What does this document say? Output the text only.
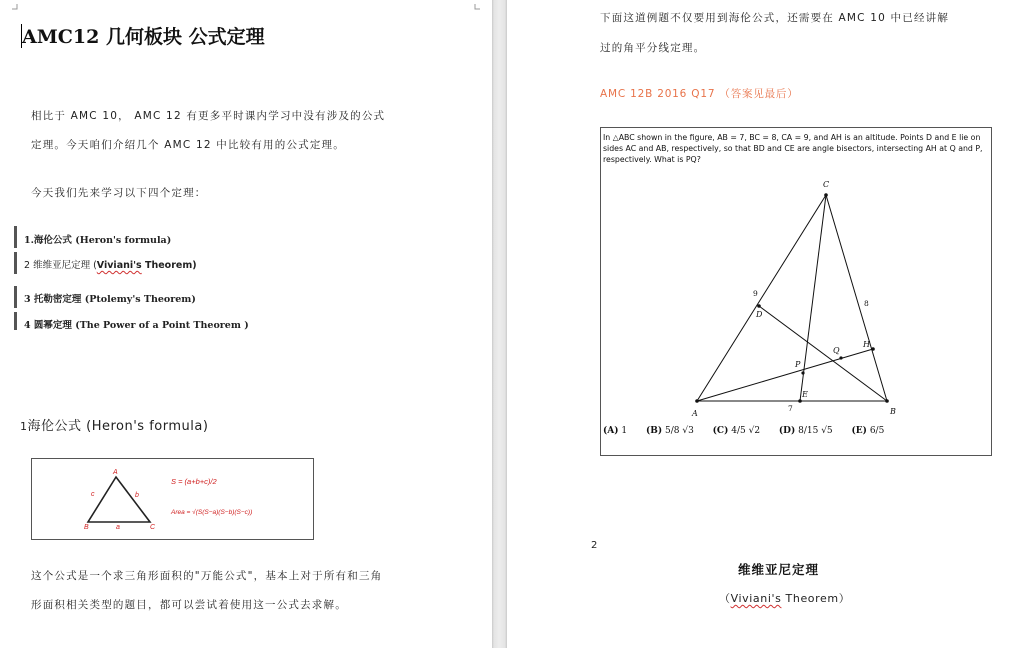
AMC12 几何板块 公式定理
相比于 AMC 10， AMC 12 有更多平时课内学习中没有涉及的公式
定理。今天咱们介绍几个 AMC 12 中比较有用的公式定理。
今天我们先来学习以下四个定理：
1.海伦公式 (Heron's formula)
2 维维亚尼定理 (Viviani's Theorem)
3 托勒密定理 (Ptolemy's Theorem)
4 圆幂定理 (The Power of a Point Theorem )
1海伦公式 (Heron's formula)
A
B	C
a
b
c
S = (a+b+c)/2
Area = √(S(S−a)(S−b)(S−c))
这个公式是一个求三角形面积的"万能公式"，基本上对于所有和三角
形面积相关类型的题目，都可以尝试着使用这一公式去求解。
下面这道例题不仅要用到海伦公式，还需要在 AMC 10 中已经讲解
过的角平分线定理。
AMC 12B 2016 Q17 （答案见最后）
In △ABC shown in the figure, AB = 7, BC = 8, CA = 9, and AH is an altitude. Points D and E lie on sides AC and AB, respectively, so that BD and CE are angle bisectors, intersecting AH at Q and P, respectively. What is PQ?
A	B
C
D
E
H
P
Q
9
8
7
(A) 1 (B) 5/8 √3 (C) 4/5 √2 (D) 8/15 √5 (E) 6/5
2
维维亚尼定理
（Viviani's Theorem）
